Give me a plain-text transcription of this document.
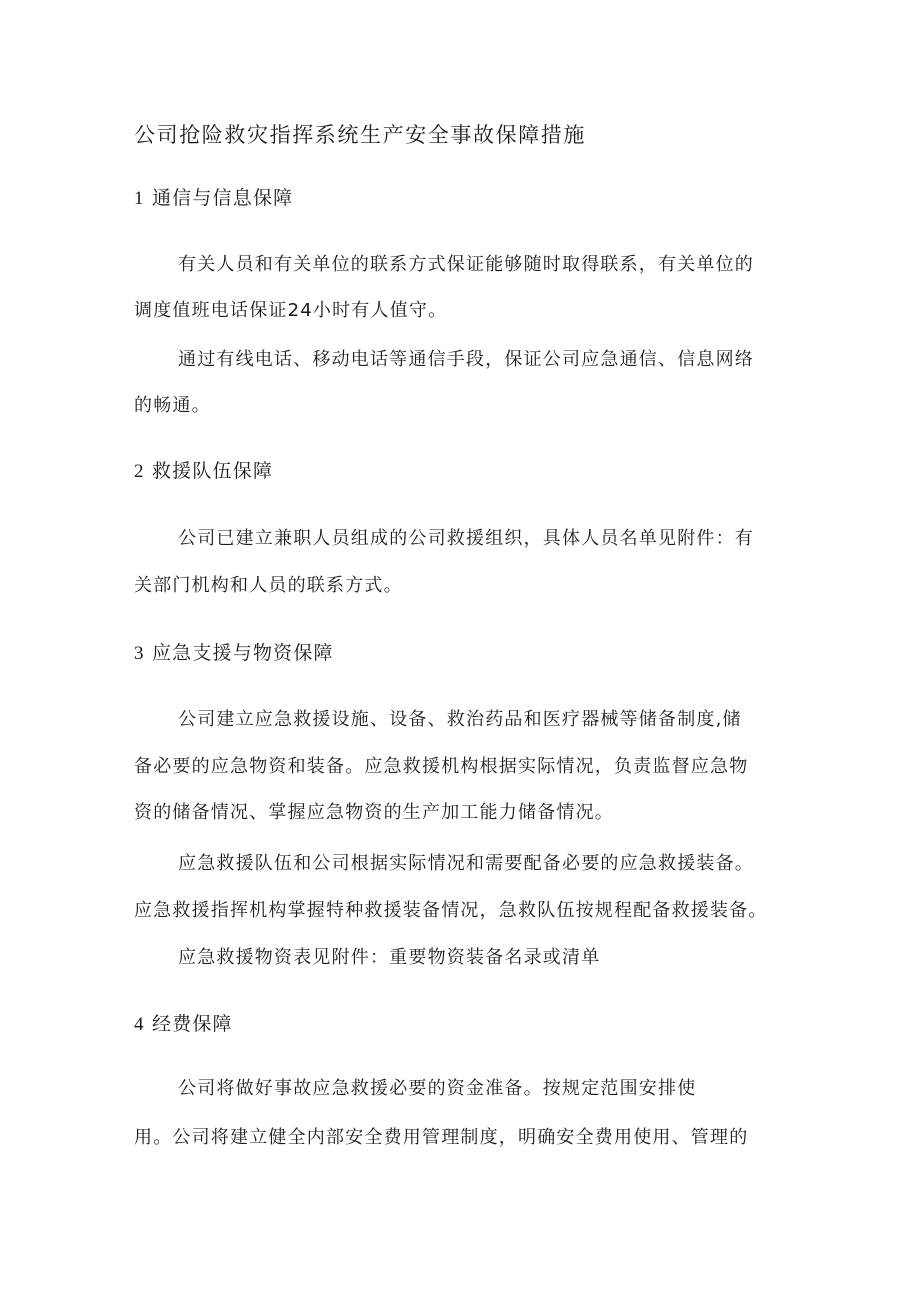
公司抢险救灾指挥系统生产安全事故保障措施
1 通信与信息保障
有关人员和有关单位的联系方式保证能够随时取得联系，有关单位的
调度值班电话保证24小时有人值守。
通过有线电话、移动电话等通信手段，保证公司应急通信、信息网络
的畅通。
2 救援队伍保障
公司已建立兼职人员组成的公司救援组织，具体人员名单见附件：有
关部门机构和人员的联系方式。
3 应急支援与物资保障
公司建立应急救援设施、设备、救治药品和医疗器械等储备制度,储
备必要的应急物资和装备。应急救援机构根据实际情况，负责监督应急物
资的储备情况、掌握应急物资的生产加工能力储备情况。
应急救援队伍和公司根据实际情况和需要配备必要的应急救援装备。
应急救援指挥机构掌握特种救援装备情况，急救队伍按规程配备救援装备。
应急救援物资表见附件：重要物资装备名录或清单
4 经费保障
公司将做好事故应急救援必要的资金准备。按规定范围安排使
用。公司将建立健全内部安全费用管理制度，明确安全费用使用、管理的
